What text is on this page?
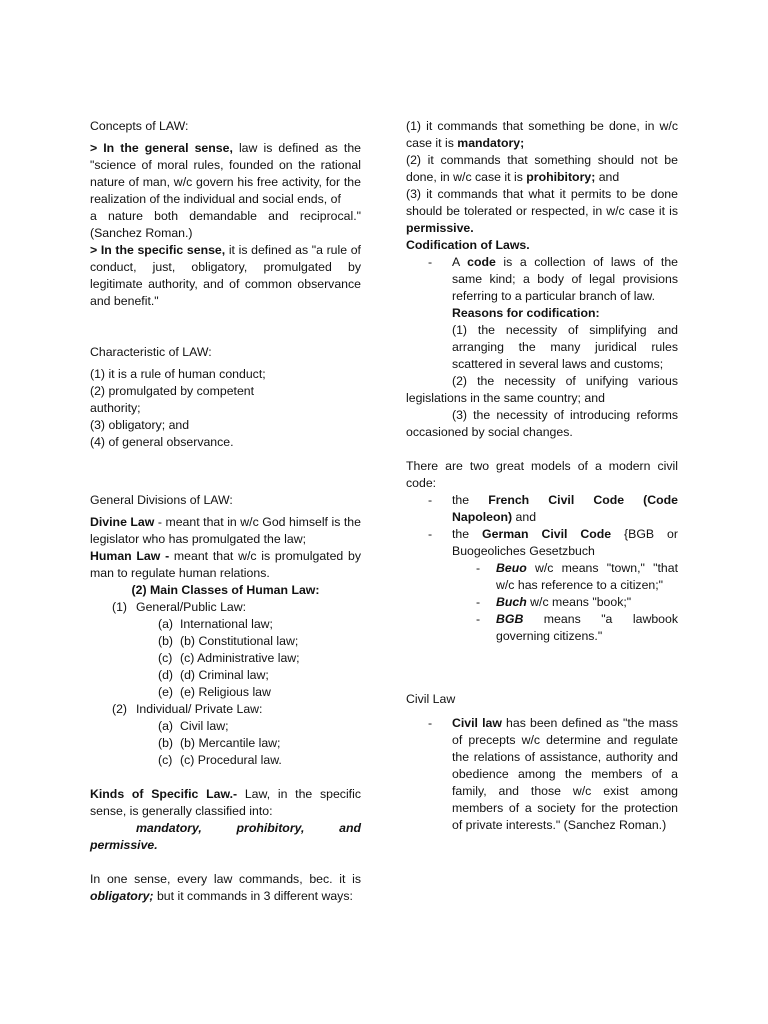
Concepts of LAW:

> In the general sense, law is defined as the "science of moral rules, founded on the rational nature of man, w/c govern his free activity, for the realization of the individual and social ends, of

a nature both demandable and reciprocal."

(Sanchez Roman.)

> In the specific sense, it is defined as "a rule of conduct, just, obligatory, promulgated by legitimate authority, and of common observance and benefit."

Characteristic of LAW:

(1) it is a rule of human conduct;

(2) promulgated by competent

authority;

(3) obligatory; and

(4) of general observance.

General Divisions of LAW:

Divine Law - meant that in w/c God himself is the legislator who has promulgated the law;

Human Law - meant that w/c is promulgated by man to regulate human relations.

(2) Main Classes of Human Law:

(1) General/Public Law:

(a) International law;

(b) (b) Constitutional law;

(c) (c) Administrative law;

(d) (d) Criminal law;

(e) (e) Religious law

(2) Individual/ Private Law:

(a) Civil law;

(b) (b) Mercantile law;

(c) (c) Procedural law.

Kinds of Specific Law.- Law, in the specific sense, is generally classified into:

mandatory,	prohibitory,	and

permissive.

In one sense, every law commands, bec. it is obligatory; but it commands in 3 different ways:

(1) it commands that something be done, in w/c case it is mandatory;

(2) it commands that something should not be done, in w/c case it is prohibitory; and

(3) it commands that what it permits to be done should be tolerated or respected, in w/c case it is permissive.

Codification of Laws.

- A code is a collection of laws of the same kind; a body of legal provisions referring to a particular branch of law.

Reasons for codification:

(1) the necessity of simplifying and arranging the many juridical rules scattered in several laws and customs;

(2) the necessity of unifying various legislations in the same country; and

(3) the necessity of introducing reforms occasioned by social changes.

There are two great models of a modern civil code:

- the French Civil Code (Code Napoleon) and

- the German Civil Code {BGB or Buogeoliches Gesetzbuch

- Beuo w/c means "town," "that w/c has reference to a citizen;"

- Buch w/c means "book;"

- BGB means "a lawbook governing citizens."

Civil Law

- Civil law has been defined as "the mass of precepts w/c determine and regulate the relations of assistance, authority and obedience among the members of a family, and those w/c exist among members of a society for the protection of private interests." (Sanchez Roman.)
